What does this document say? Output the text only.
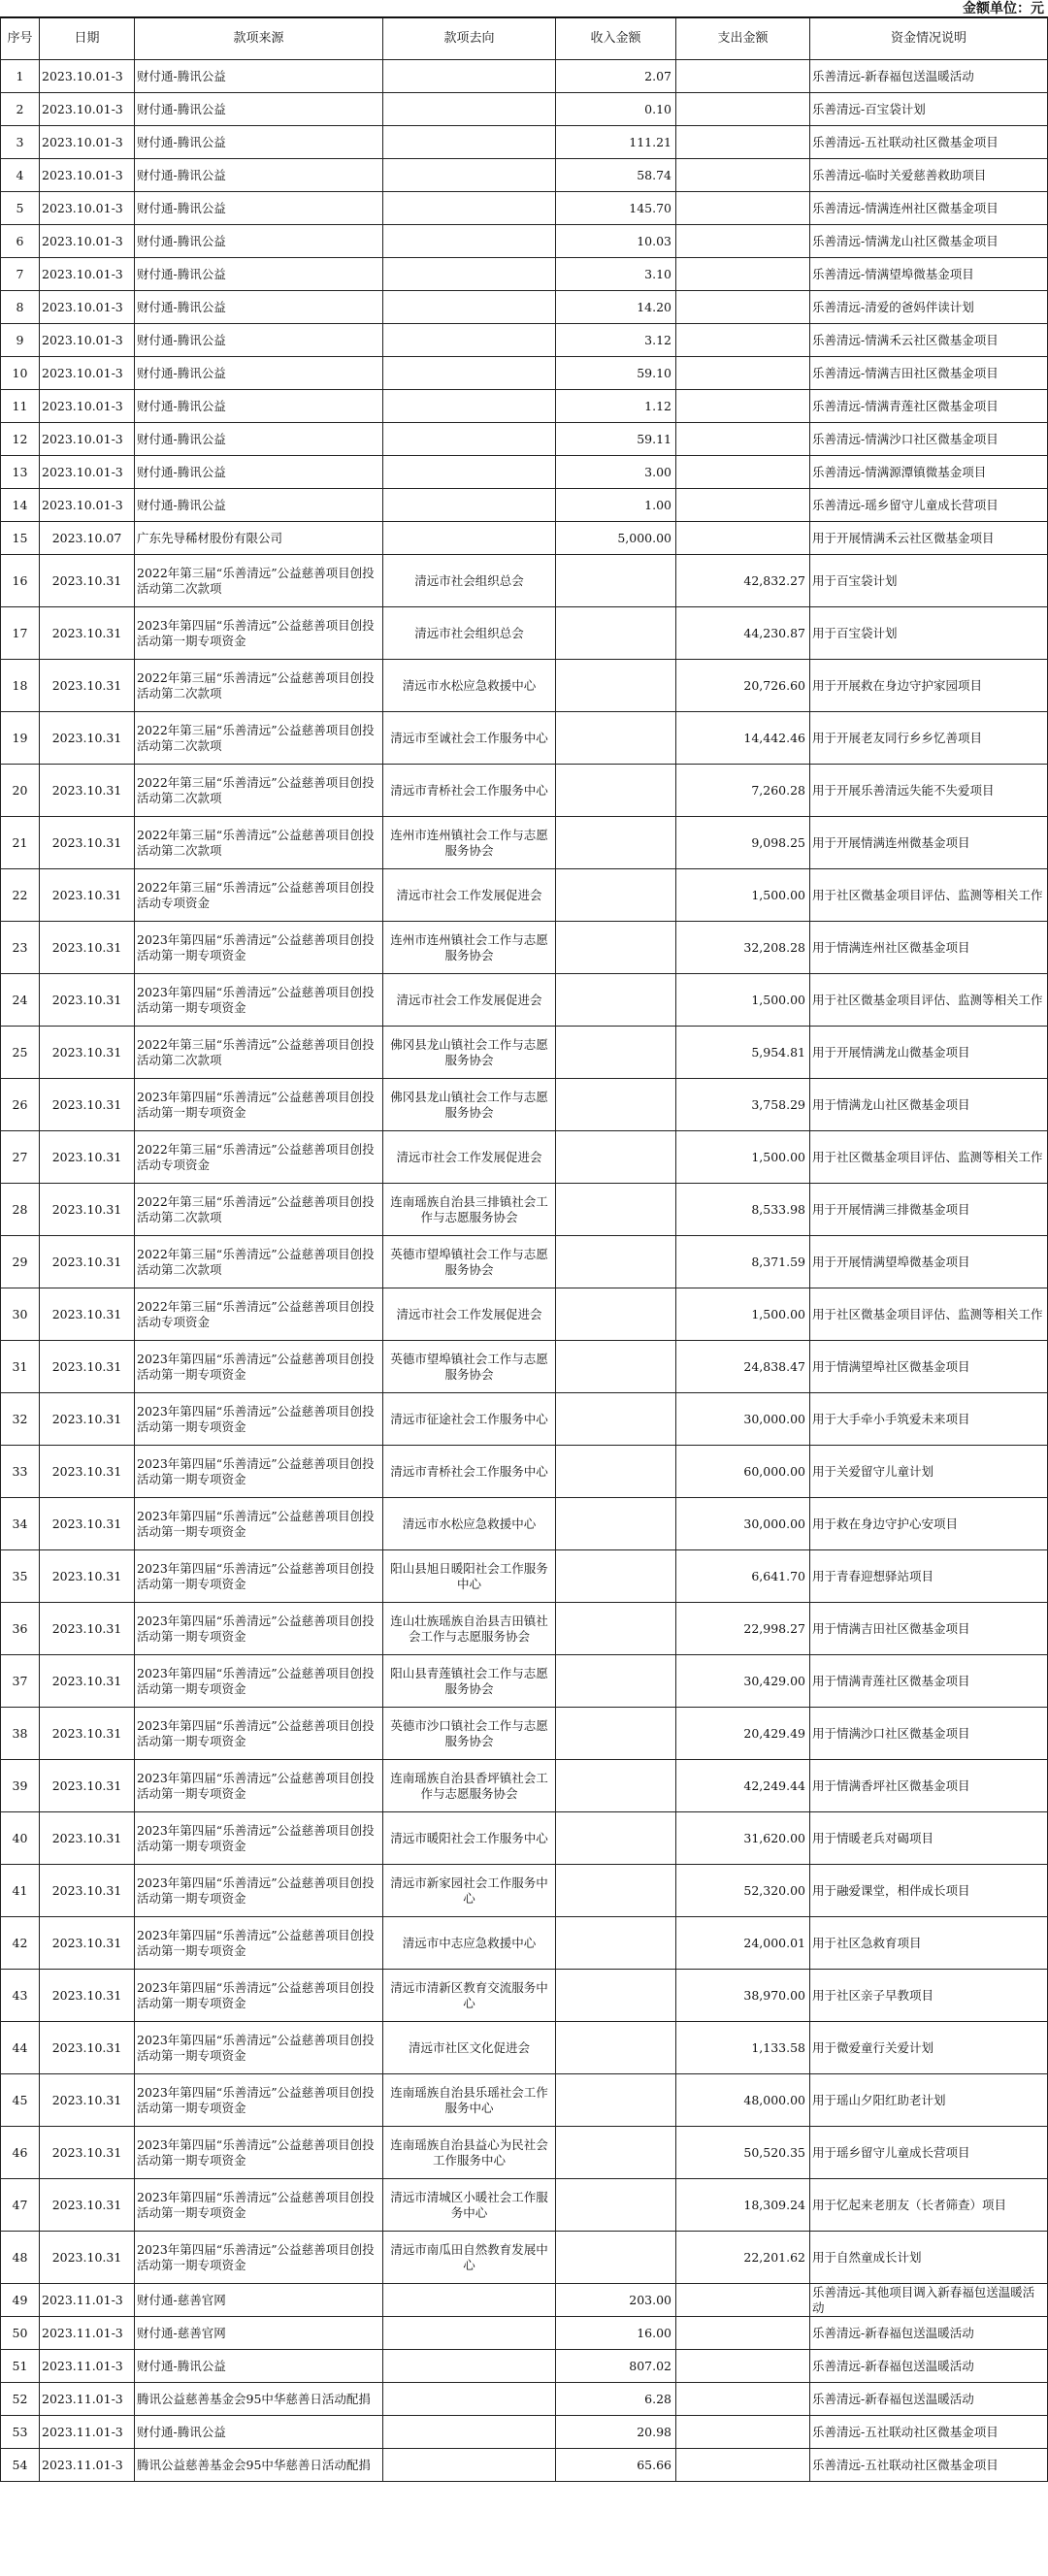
金额单位：元
序号	日期	款项来源	款项去向	收入金额	支出金额	资金情况说明
1	2023.10.01-3	财付通-腾讯公益		2.07		乐善清远-新春福包送温暖活动
2	2023.10.01-3	财付通-腾讯公益		0.10		乐善清远-百宝袋计划
3	2023.10.01-3	财付通-腾讯公益		111.21		乐善清远-五社联动社区微基金项目
4	2023.10.01-3	财付通-腾讯公益		58.74		乐善清远-临时关爱慈善救助项目
5	2023.10.01-3	财付通-腾讯公益		145.70		乐善清远-情满连州社区微基金项目
6	2023.10.01-3	财付通-腾讯公益		10.03		乐善清远-情满龙山社区微基金项目
7	2023.10.01-3	财付通-腾讯公益		3.10		乐善清远-情满望埠微基金项目
8	2023.10.01-3	财付通-腾讯公益		14.20		乐善清远-清爱的爸妈伴读计划
9	2023.10.01-3	财付通-腾讯公益		3.12		乐善清远-情满禾云社区微基金项目
10	2023.10.01-3	财付通-腾讯公益		59.10		乐善清远-情满吉田社区微基金项目
11	2023.10.01-3	财付通-腾讯公益		1.12		乐善清远-情满青莲社区微基金项目
12	2023.10.01-3	财付通-腾讯公益		59.11		乐善清远-情满沙口社区微基金项目
13	2023.10.01-3	财付通-腾讯公益		3.00		乐善清远-情满源潭镇微基金项目
14	2023.10.01-3	财付通-腾讯公益		1.00		乐善清远-瑶乡留守儿童成长营项目
15	2023.10.07	广东先导稀材股份有限公司		5,000.00		用于开展情满禾云社区微基金项目
16	2023.10.31	2022年第三届“乐善清远”公益慈善项目创投活动第二次款项	清远市社会组织总会		42,832.27	用于百宝袋计划
17	2023.10.31	2023年第四届“乐善清远”公益慈善项目创投活动第一期专项资金	清远市社会组织总会		44,230.87	用于百宝袋计划
18	2023.10.31	2022年第三届“乐善清远”公益慈善项目创投活动第二次款项	清远市水松应急救援中心		20,726.60	用于开展救在身边守护家园项目
19	2023.10.31	2022年第三届“乐善清远”公益慈善项目创投活动第二次款项	清远市至诚社会工作服务中心		14,442.46	用于开展老友同行乡乡忆善项目
20	2023.10.31	2022年第三届“乐善清远”公益慈善项目创投活动第二次款项	清远市青桥社会工作服务中心		7,260.28	用于开展乐善清远失能不失爱项目
21	2023.10.31	2022年第三届“乐善清远”公益慈善项目创投活动第二次款项	连州市连州镇社会工作与志愿服务协会		9,098.25	用于开展情满连州微基金项目
22	2023.10.31	2022年第三届“乐善清远”公益慈善项目创投活动专项资金	清远市社会工作发展促进会		1,500.00	用于社区微基金项目评估、监测等相关工作
23	2023.10.31	2023年第四届“乐善清远”公益慈善项目创投活动第一期专项资金	连州市连州镇社会工作与志愿服务协会		32,208.28	用于情满连州社区微基金项目
24	2023.10.31	2023年第四届“乐善清远”公益慈善项目创投活动第一期专项资金	清远市社会工作发展促进会		1,500.00	用于社区微基金项目评估、监测等相关工作
25	2023.10.31	2022年第三届“乐善清远”公益慈善项目创投活动第二次款项	佛冈县龙山镇社会工作与志愿服务协会		5,954.81	用于开展情满龙山微基金项目
26	2023.10.31	2023年第四届“乐善清远”公益慈善项目创投活动第一期专项资金	佛冈县龙山镇社会工作与志愿服务协会		3,758.29	用于情满龙山社区微基金项目
27	2023.10.31	2022年第三届“乐善清远”公益慈善项目创投活动专项资金	清远市社会工作发展促进会		1,500.00	用于社区微基金项目评估、监测等相关工作
28	2023.10.31	2022年第三届“乐善清远”公益慈善项目创投活动第二次款项	连南瑶族自治县三排镇社会工作与志愿服务协会		8,533.98	用于开展情满三排微基金项目
29	2023.10.31	2022年第三届“乐善清远”公益慈善项目创投活动第二次款项	英德市望埠镇社会工作与志愿服务协会		8,371.59	用于开展情满望埠微基金项目
30	2023.10.31	2022年第三届“乐善清远”公益慈善项目创投活动专项资金	清远市社会工作发展促进会		1,500.00	用于社区微基金项目评估、监测等相关工作
31	2023.10.31	2023年第四届“乐善清远”公益慈善项目创投活动第一期专项资金	英德市望埠镇社会工作与志愿服务协会		24,838.47	用于情满望埠社区微基金项目
32	2023.10.31	2023年第四届“乐善清远”公益慈善项目创投活动第一期专项资金	清远市征途社会工作服务中心		30,000.00	用于大手牵小手筑爱未来项目
33	2023.10.31	2023年第四届“乐善清远”公益慈善项目创投活动第一期专项资金	清远市青桥社会工作服务中心		60,000.00	用于关爱留守儿童计划
34	2023.10.31	2023年第四届“乐善清远”公益慈善项目创投活动第一期专项资金	清远市水松应急救援中心		30,000.00	用于救在身边守护心安项目
35	2023.10.31	2023年第四届“乐善清远”公益慈善项目创投活动第一期专项资金	阳山县旭日暖阳社会工作服务中心		6,641.70	用于青春迎想驿站项目
36	2023.10.31	2023年第四届“乐善清远”公益慈善项目创投活动第一期专项资金	连山壮族瑶族自治县吉田镇社会工作与志愿服务协会		22,998.27	用于情满吉田社区微基金项目
37	2023.10.31	2023年第四届“乐善清远”公益慈善项目创投活动第一期专项资金	阳山县青莲镇社会工作与志愿服务协会		30,429.00	用于情满青莲社区微基金项目
38	2023.10.31	2023年第四届“乐善清远”公益慈善项目创投活动第一期专项资金	英德市沙口镇社会工作与志愿服务协会		20,429.49	用于情满沙口社区微基金项目
39	2023.10.31	2023年第四届“乐善清远”公益慈善项目创投活动第一期专项资金	连南瑶族自治县香坪镇社会工作与志愿服务协会		42,249.44	用于情满香坪社区微基金项目
40	2023.10.31	2023年第四届“乐善清远”公益慈善项目创投活动第一期专项资金	清远市暖阳社会工作服务中心		31,620.00	用于情暖老兵对碣项目
41	2023.10.31	2023年第四届“乐善清远”公益慈善项目创投活动第一期专项资金	清远市新家园社会工作服务中心		52,320.00	用于融爱课堂，相伴成长项目
42	2023.10.31	2023年第四届“乐善清远”公益慈善项目创投活动第一期专项资金	清远市中志应急救援中心		24,000.01	用于社区急救育项目
43	2023.10.31	2023年第四届“乐善清远”公益慈善项目创投活动第一期专项资金	清远市清新区教育交流服务中心		38,970.00	用于社区亲子早教项目
44	2023.10.31	2023年第四届“乐善清远”公益慈善项目创投活动第一期专项资金	清远市社区文化促进会		1,133.58	用于微爱童行关爱计划
45	2023.10.31	2023年第四届“乐善清远”公益慈善项目创投活动第一期专项资金	连南瑶族自治县乐瑶社会工作服务中心		48,000.00	用于瑶山夕阳红助老计划
46	2023.10.31	2023年第四届“乐善清远”公益慈善项目创投活动第一期专项资金	连南瑶族自治县益心为民社会工作服务中心		50,520.35	用于瑶乡留守儿童成长营项目
47	2023.10.31	2023年第四届“乐善清远”公益慈善项目创投活动第一期专项资金	清远市清城区小暖社会工作服务中心		18,309.24	用于忆起来老朋友（长者筛查）项目
48	2023.10.31	2023年第四届“乐善清远”公益慈善项目创投活动第一期专项资金	清远市南瓜田自然教育发展中心		22,201.62	用于自然童成长计划
49	2023.11.01-3	财付通-慈善官网		203.00		乐善清远-其他项目调入新春福包送温暖活动
50	2023.11.01-3	财付通-慈善官网		16.00		乐善清远-新春福包送温暖活动
51	2023.11.01-3	财付通-腾讯公益		807.02		乐善清远-新春福包送温暖活动
52	2023.11.01-3	腾讯公益慈善基金会95中华慈善日活动配捐		6.28		乐善清远-新春福包送温暖活动
53	2023.11.01-3	财付通-腾讯公益		20.98		乐善清远-五社联动社区微基金项目
54	2023.11.01-3	腾讯公益慈善基金会95中华慈善日活动配捐		65.66		乐善清远-五社联动社区微基金项目
